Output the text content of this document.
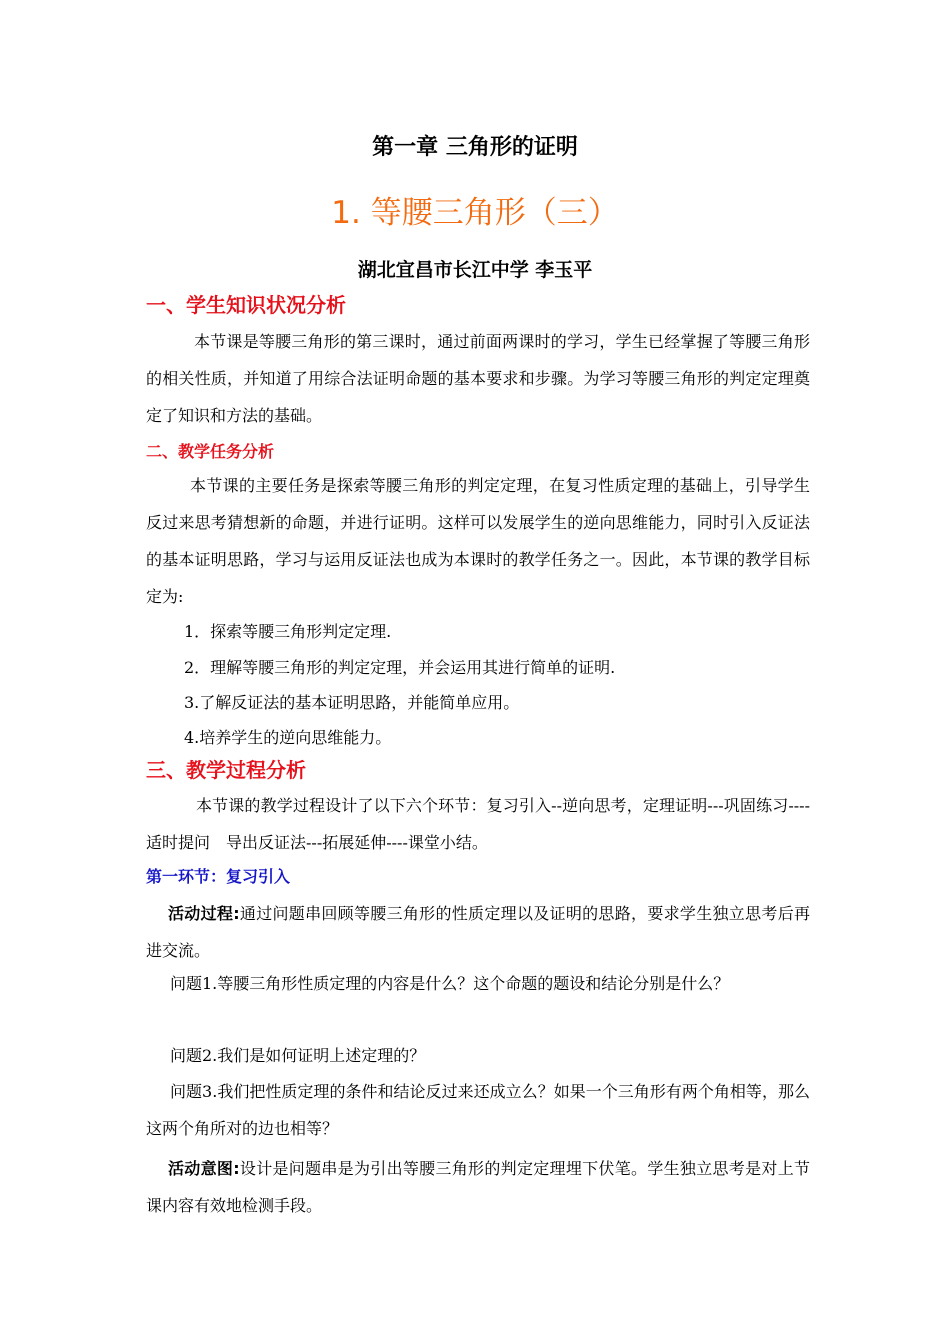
第一章 三角形的证明
1. 等腰三角形（三）
湖北宜昌市长江中学 李玉平
一、学生知识状况分析

本节课是等腰三角形的第三课时，通过前面两课时的学习，学生已经掌握了等腰三角形的相关性质，并知道了用综合法证明命题的基本要求和步骤。为学习等腰三角形的判定定理奠定了知识和方法的基础。

二、教学任务分析

本节课的主要任务是探索等腰三角形的判定定理，在复习性质定理的基础上，引导学生反过来思考猜想新的命题，并进行证明。这样可以发展学生的逆向思维能力，同时引入反证法的基本证明思路，学习与运用反证法也成为本课时的教学任务之一。因此，本节课的教学目标定为:

1．探索等腰三角形判定定理.
2．理解等腰三角形的判定定理，并会运用其进行简单的证明.
3.了解反证法的基本证明思路，并能简单应用。
4.培养学生的逆向思维能力。
三、教学过程分析

本节课的教学过程设计了以下六个环节：复习引入--逆向思考，定理证明---巩固练习----适时提问　导出反证法---拓展延伸----课堂小结。

第一环节：复习引入

活动过程:通过问题串回顾等腰三角形的性质定理以及证明的思路，要求学生独立思考后再进交流。

问题1.等腰三角形性质定理的内容是什么？这个命题的题设和结论分别是什么？

问题2.我们是如何证明上述定理的？

问题3.我们把性质定理的条件和结论反过来还成立么？如果一个三角形有两个角相等，那么这两个角所对的边也相等？

活动意图:设计是问题串是为引出等腰三角形的判定定理埋下伏笔。学生独立思考是对上节课内容有效地检测手段。
